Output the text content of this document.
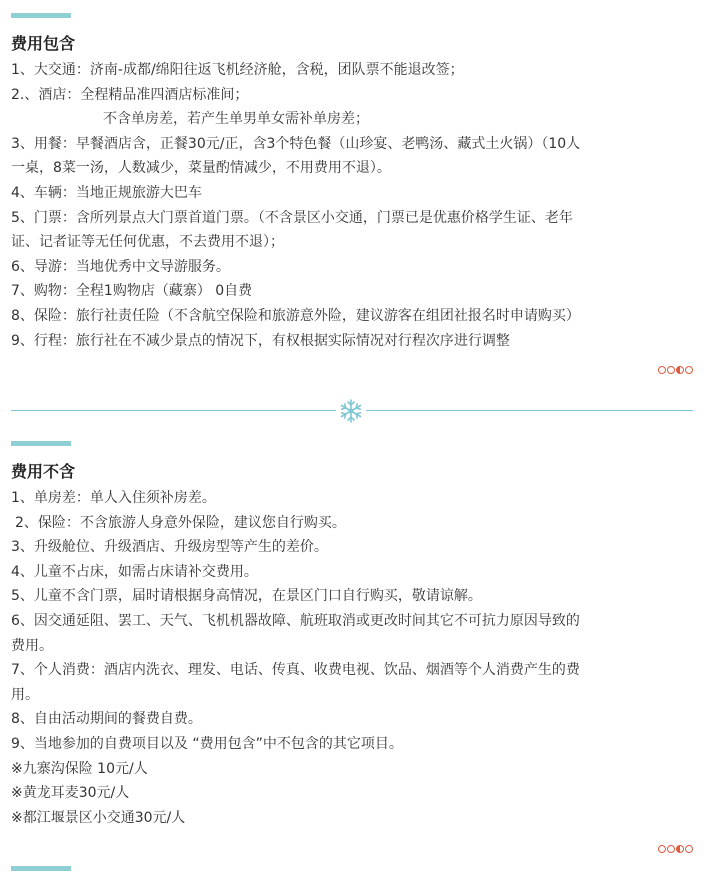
费用包含
1、大交通：济南-成都/绵阳往返飞机经济舱，含税，团队票不能退改签；
2.、酒店：全程精品准四酒店标准间；
不含单房差，若产生单男单女需补单房差；
3、用餐：早餐酒店含，正餐30元/正，含3个特色餐（山珍宴、老鸭汤、藏式土火锅）（10人
一桌，8菜一汤，人数减少，菜量酌情减少，不用费用不退）。
4、车辆：当地正规旅游大巴车
5、门票：含所列景点大门票首道门票。（不含景区小交通，门票已是优惠价格学生证、老年
证、记者证等无任何优惠，不去费用不退）；
6、导游：当地优秀中文导游服务。
7、购物：全程1购物店（藏寨） 0自费
8、保险：旅行社责任险（不含航空保险和旅游意外险，建议游客在组团社报名时申请购买）
9、行程：旅行社在不减少景点的情况下，有权根据实际情况对行程次序进行调整
费用不含
1、单房差：单人入住须补房差。
2、保险：不含旅游人身意外保险，建议您自行购买。
3、升级舱位、升级酒店、升级房型等产生的差价。
4、儿童不占床，如需占床请补交费用。
5、儿童不含门票，届时请根据身高情况，在景区门口自行购买，敬请谅解。
6、因交通延阻、罢工、天气、飞机机器故障、航班取消或更改时间其它不可抗力原因导致的
费用。
7、个人消费：酒店内洗衣、理发、电话、传真、收费电视、饮品、烟酒等个人消费产生的费
用。
8、自由活动期间的餐费自费。
9、当地参加的自费项目以及 “费用包含”中不包含的其它项目。
※九寨沟保险 10元/人
※黄龙耳麦30元/人
※都江堰景区小交通30元/人
